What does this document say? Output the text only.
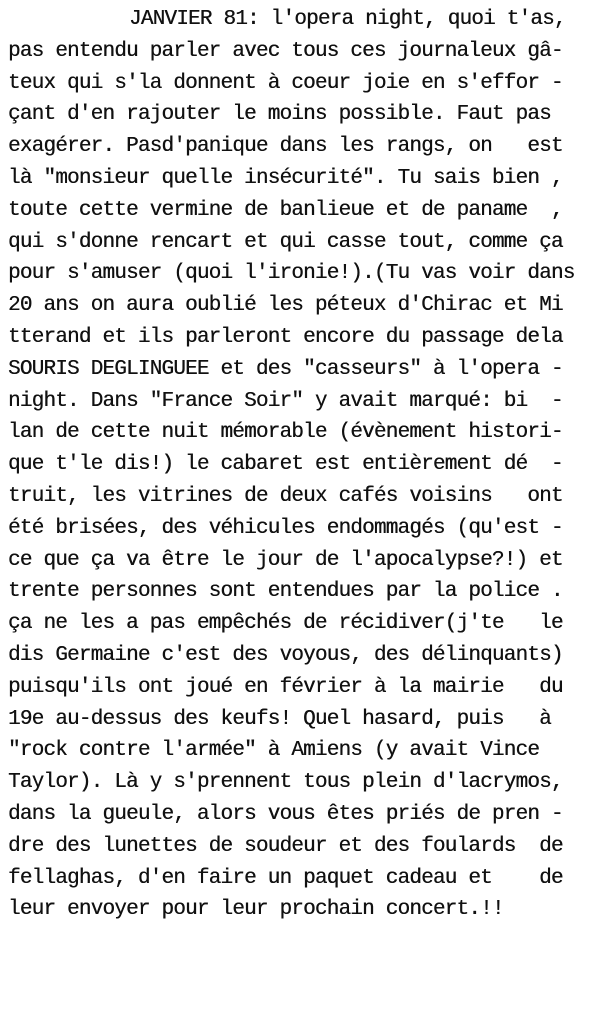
JANVIER 81: l'opera night, quoi t'as,
pas entendu parler avec tous ces journaleux gâ-
teux qui s'la donnent à coeur joie en s'effor -
çant d'en rajouter le moins possible. Faut pas
exagérer. Pasd'panique dans les rangs, on   est
là "monsieur quelle insécurité". Tu sais bien ,
toute cette vermine de banlieue et de paname  ,
qui s'donne rencart et qui casse tout, comme ça
pour s'amuser (quoi l'ironie!).(Tu vas voir dans
20 ans on aura oublié les péteux d'Chirac et Mi
tterand et ils parleront encore du passage dela
SOURIS DEGLINGUEE et des "casseurs" à l'opera -
night. Dans "France Soir" y avait marqué: bi  -
lan de cette nuit mémorable (évènement histori-
que t'le dis!) le cabaret est entièrement dé  -
truit, les vitrines de deux cafés voisins   ont
été brisées, des véhicules endommagés (qu'est -
ce que ça va être le jour de l'apocalypse?!) et
trente personnes sont entendues par la police .
ça ne les a pas empêchés de récidiver(j'te   le
dis Germaine c'est des voyous, des délinquants)
puisqu'ils ont joué en février à la mairie   du
19e au-dessus des keufs! Quel hasard, puis   à
"rock contre l'armée" à Amiens (y avait Vince
Taylor). Là y s'prennent tous plein d'lacrymos,
dans la gueule, alors vous êtes priés de pren -
dre des lunettes de soudeur et des foulards  de
fellaghas, d'en faire un paquet cadeau et    de
leur envoyer pour leur prochain concert.!!
